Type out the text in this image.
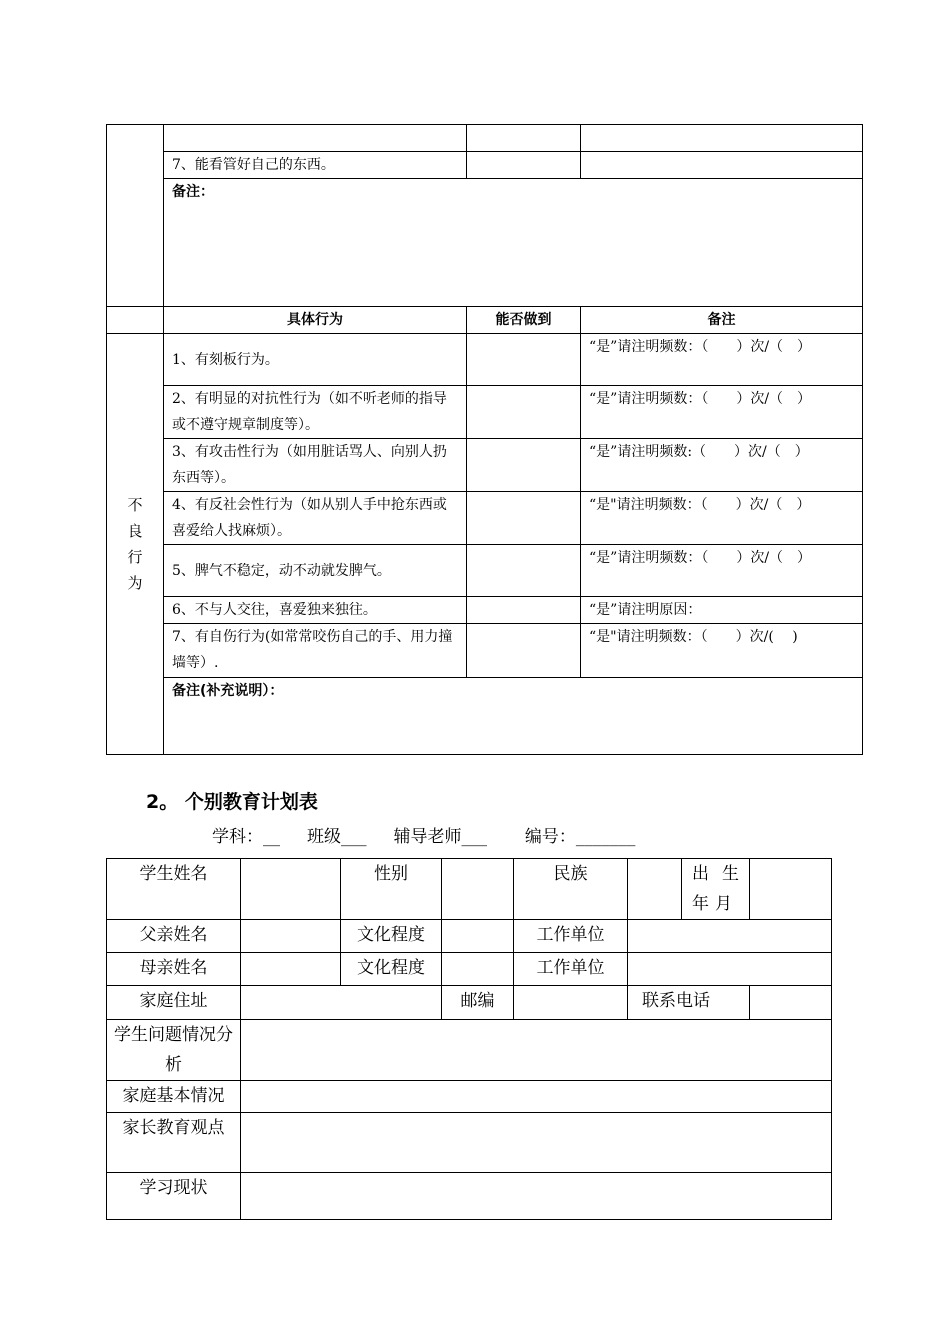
	7、能看管好自己的东西。		
	备注：		
	具体行为	能否做到	备注
不
良
行
为	1、有刻板行为。		“是”请注明频数：（　　）次/（　）
	2、有明显的对抗性行为（如不听老师的指导或不遵守规章制度等）。		“是”请注明频数：（　　）次/（　）
	3、有攻击性行为（如用脏话骂人、向别人扔东西等）。		“是”请注明频数:（　　）次/（　）
	4、有反社会性行为（如从别人手中抢东西或喜爱给人找麻烦）。		“是"请注明频数：（　　）次/（　）
	5、脾气不稳定，动不动就发脾气。		“是”请注明频数：（　　）次/（　）
	6、不与人交往，喜爱独来独往。		“是”请注明原因：
	7、有自伤行为(如常常咬伤自己的手、用力撞墙等）.		“是"请注明频数：（　　）次/(　 )
	备注(补充说明）：		
2。 个别教育计划表
学科：__     班级___     辅导老师___       编号：_______
学生姓名		性别		民族		出 生
年 月	

父亲姓名		文化程度		工作单位			
母亲姓名		文化程度		工作单位			
家庭住址			邮编		联系电话		
学生问题情况分析							
家庭基本情况							
家长教育观点							
学习现状							
